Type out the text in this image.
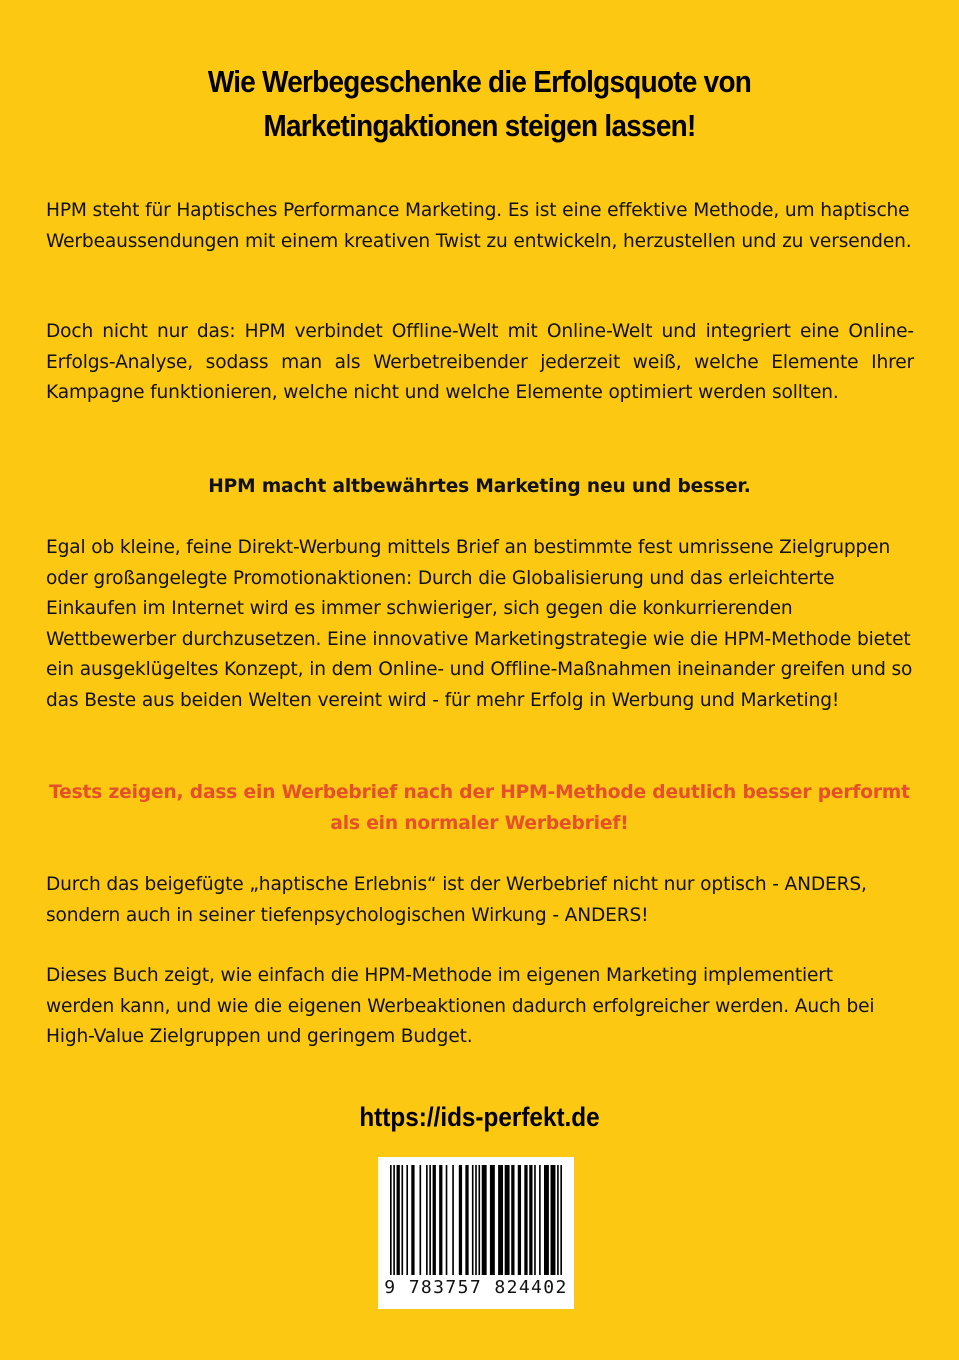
Wie Werbegeschenke die Erfolgsquote von
Marketingaktionen steigen lassen!

HPM steht für Haptisches Performance Marketing. Es ist eine effektive Methode, um haptische Werbeaussendungen mit einem kreativen Twist zu entwickeln, herzustellen und zu versenden.

Doch nicht nur das: HPM verbindet Offline-Welt mit Online-Welt und integriert eine Online-Erfolgs-Analyse, sodass man als Werbetreibender jederzeit weiß, welche Elemente Ihrer Kampagne funktionieren, welche nicht und welche Elemente optimiert werden sollten.

HPM macht altbewährtes Marketing neu und besser.

Egal ob kleine, feine Direkt-Werbung mittels Brief an bestimmte fest umrissene Zielgruppen oder großangelegte Promotionaktionen: Durch die Globalisierung und das erleichterte Einkaufen im Internet wird es immer schwieriger, sich gegen die konkurrierenden Wettbewerber durchzusetzen. Eine innovative Marketingstrategie wie die HPM-Methode bietet ein ausgeklügeltes Konzept, in dem Online- und Offline-Maßnahmen ineinander greifen und so das Beste aus beiden Welten vereint wird - für mehr Erfolg in Werbung und Marketing!

Tests zeigen, dass ein Werbebrief nach der HPM-Methode deutlich besser performt
als ein normaler Werbebrief!

Durch das beigefügte „haptische Erlebnis“ ist der Werbebrief nicht nur optisch - ANDERS, sondern auch in seiner tiefenpsychologischen Wirkung - ANDERS!

Dieses Buch zeigt, wie einfach die HPM-Methode im eigenen Marketing implementiert werden kann, und wie die eigenen Werbeaktionen dadurch erfolgreicher werden. Auch bei High-Value Zielgruppen und geringem Budget.

https://ids-perfekt.de
9 783757 824402
